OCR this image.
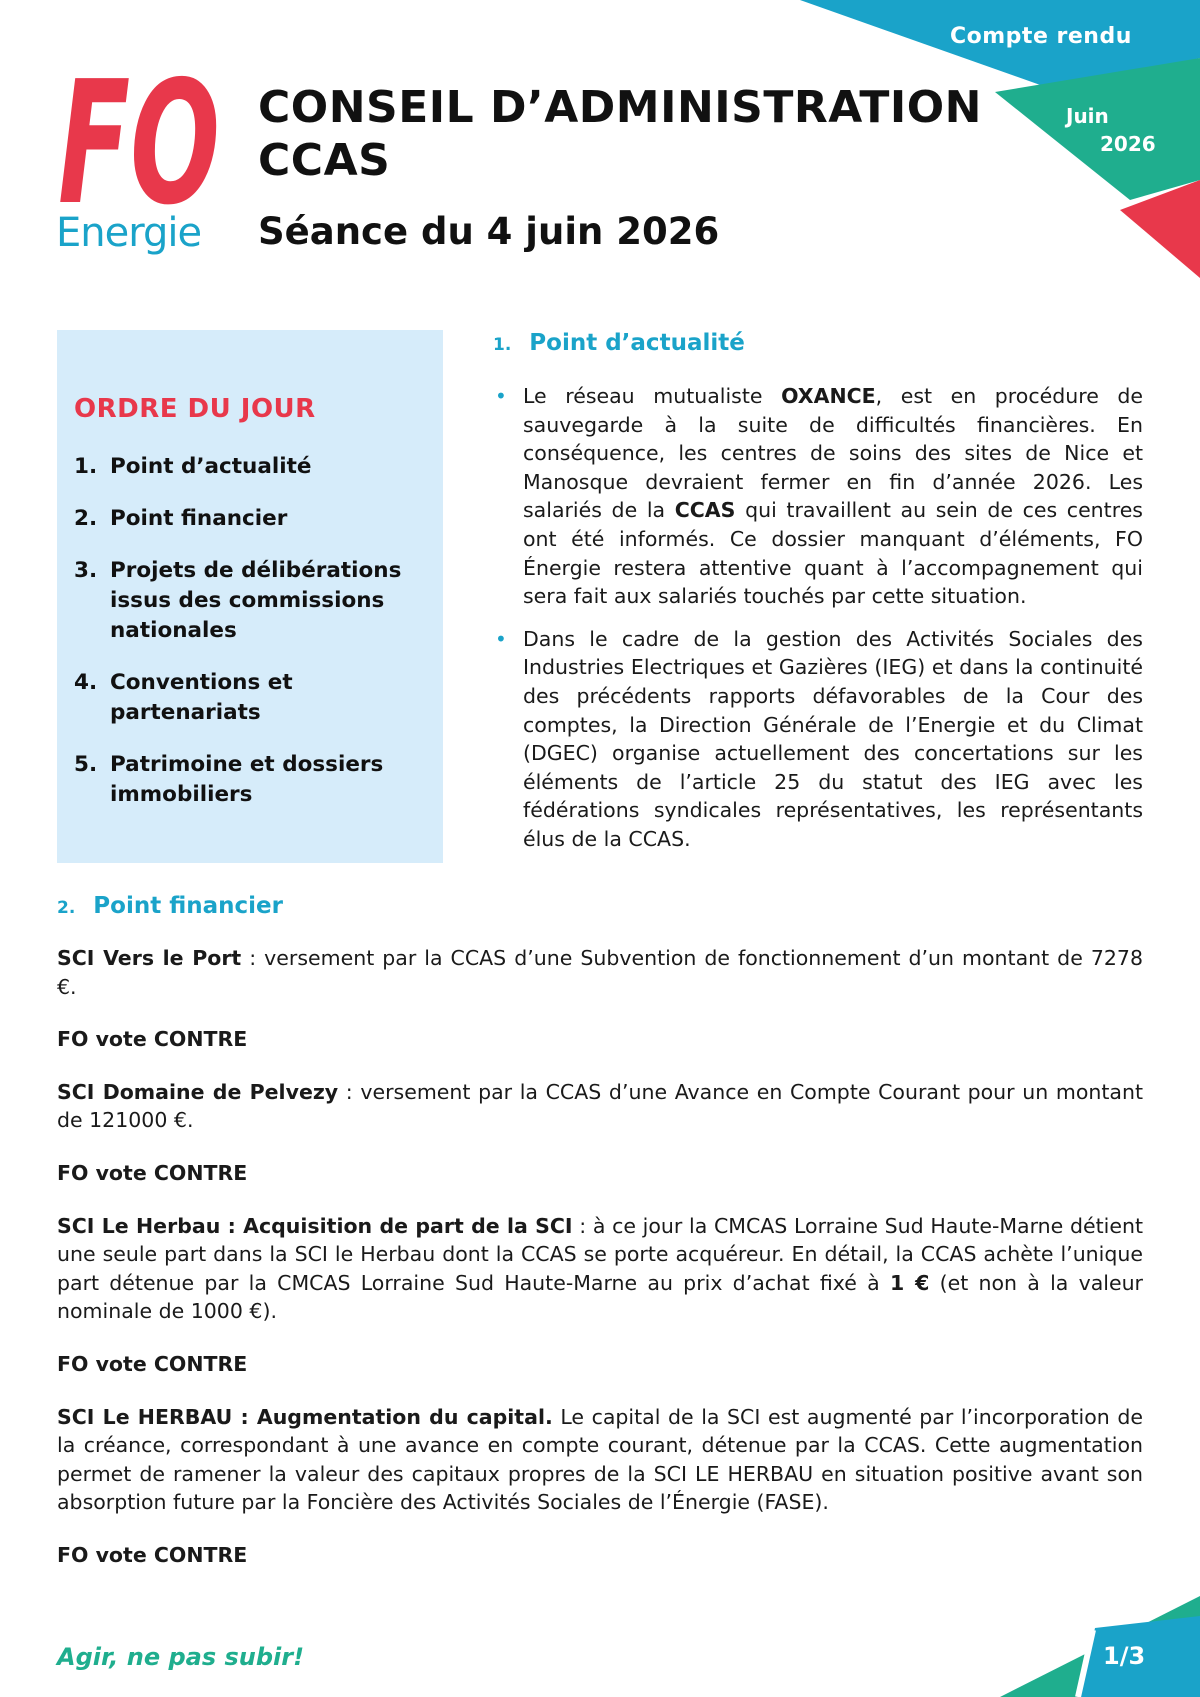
Compte rendu
Juin
2026
FO
Energie
CONSEIL D’ADMINISTRATION
CCAS
Séance du 4 juin 2026
ORDRE DU JOUR
1. Point d’actualité
2. Point financier
3. Projets de délibérations issus des commissions nationales
4. Conventions et partenariats
5. Patrimoine et dossiers immobiliers
1. Point d’actualité
• Le réseau mutualiste OXANCE, est en procédure de sauvegarde à la suite de difficultés financières. En conséquence, les centres de soins des sites de Nice et Manosque devraient fermer en fin d’année 2026. Les salariés de la CCAS qui travaillent au sein de ces centres ont été informés. Ce dossier manquant d’éléments, FO Énergie restera attentive quant à l’accompagnement qui sera fait aux salariés touchés par cette situation.
• Dans le cadre de la gestion des Activités Sociales des Industries Electriques et Gazières (IEG) et dans la continuité des précédents rapports défavorables de la Cour des comptes, la Direction Générale de l’Energie et du Climat (DGEC) organise actuellement des concertations sur les éléments de l’article 25 du statut des IEG avec les fédérations syndicales représentatives, les représentants élus de la CCAS.
2. Point financier

SCI Vers le Port : versement par la CCAS d’une Subvention de fonctionnement d’un montant de 7278 €.

FO vote CONTRE

SCI Domaine de Pelvezy : versement par la CCAS d’une Avance en Compte Courant pour un montant de 121000 €.

FO vote CONTRE

SCI Le Herbau : Acquisition de part de la SCI : à ce jour la CMCAS Lorraine Sud Haute-Marne détient une seule part dans la SCI le Herbau dont la CCAS se porte acquéreur. En détail, la CCAS achète l’unique part détenue par la CMCAS Lorraine Sud Haute-Marne au prix d’achat fixé à 1 € (et non à la valeur nominale de 1000 €).

FO vote CONTRE

SCI Le HERBAU : Augmentation du capital. Le capital de la SCI est augmenté par l’incorporation de la créance, correspondant à une avance en compte courant, détenue par la CCAS. Cette augmentation permet de ramener la valeur des capitaux propres de la SCI LE HERBAU en situation positive avant son absorption future par la Foncière des Activités Sociales de l’Énergie (FASE).

FO vote CONTRE

Agir, ne pas subir!	1/3
